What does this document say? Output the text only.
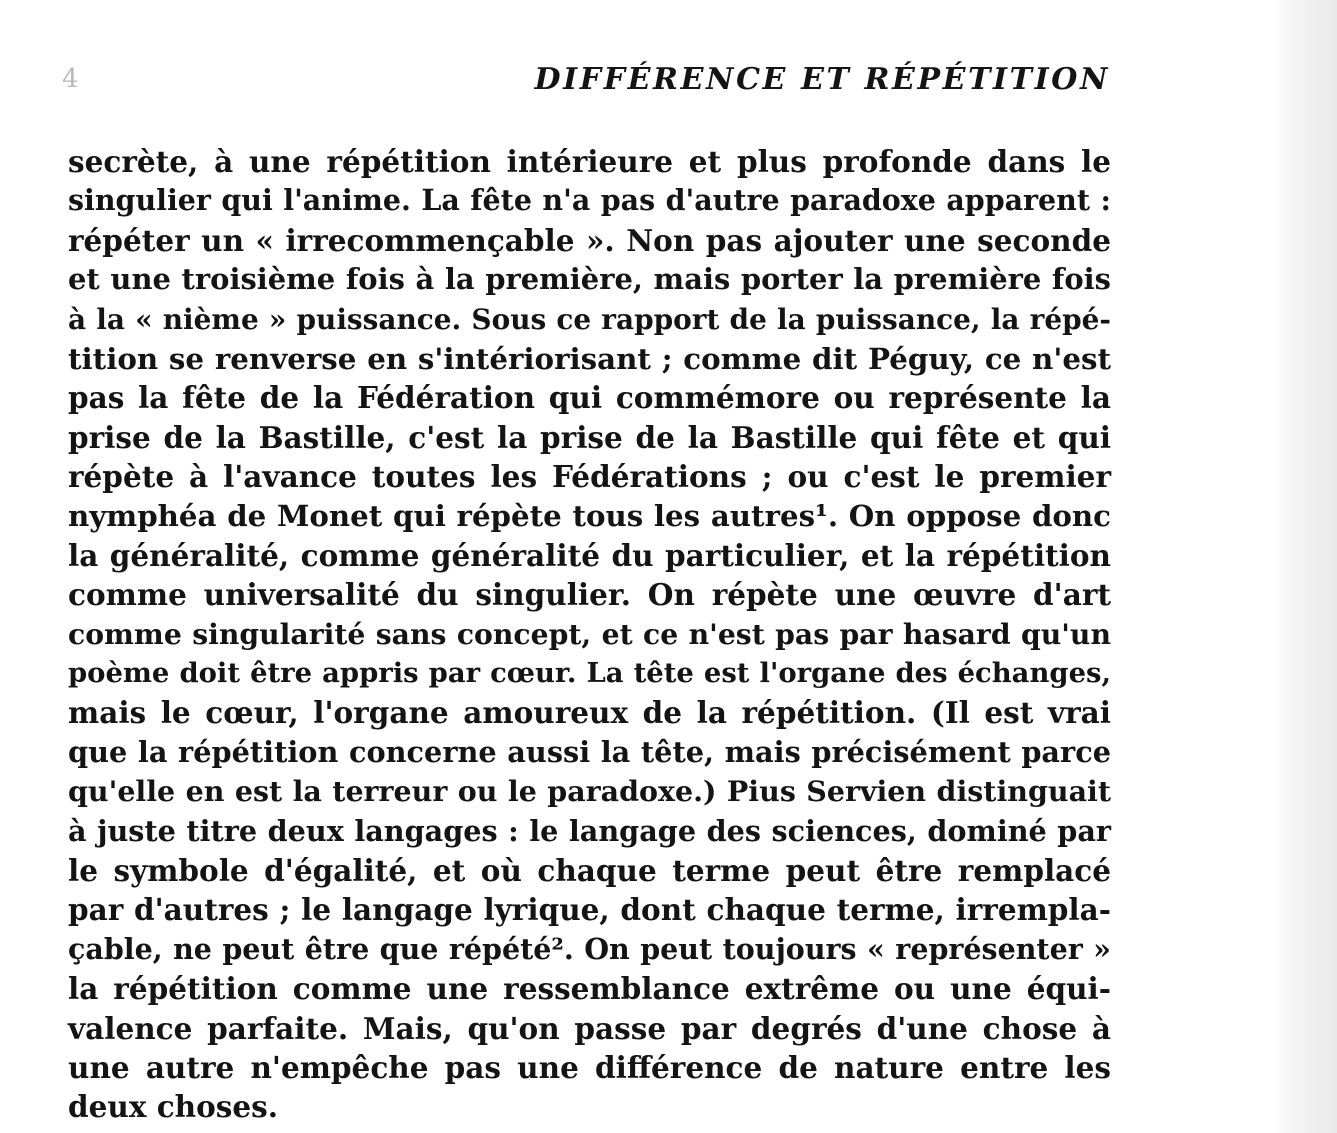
4	DIFFÉRENCE ET RÉPÉTITION
secrète, à une répétition intérieure et plus profonde dans le
singulier qui l'anime. La fête n'a pas d'autre paradoxe apparent :
répéter un « irrecommençable ». Non pas ajouter une seconde
et une troisième fois à la première, mais porter la première fois
à la « nième » puissance. Sous ce rapport de la puissance, la répé-
tition se renverse en s'intériorisant ; comme dit Péguy, ce n'est
pas la fête de la Fédération qui commémore ou représente la
prise de la Bastille, c'est la prise de la Bastille qui fête et qui
répète à l'avance toutes les Fédérations ; ou c'est le premier
nymphéa de Monet qui répète tous les autres¹. On oppose donc
la généralité, comme généralité du particulier, et la répétition
comme universalité du singulier. On répète une œuvre d'art
comme singularité sans concept, et ce n'est pas par hasard qu'un
poème doit être appris par cœur. La tête est l'organe des échanges,
mais le cœur, l'organe amoureux de la répétition. (Il est vrai
que la répétition concerne aussi la tête, mais précisément parce
qu'elle en est la terreur ou le paradoxe.) Pius Servien distinguait
à juste titre deux langages : le langage des sciences, dominé par
le symbole d'égalité, et où chaque terme peut être remplacé
par d'autres ; le langage lyrique, dont chaque terme, irrempla-
çable, ne peut être que répété². On peut toujours « représenter »
la répétition comme une ressemblance extrême ou une équi-
valence parfaite. Mais, qu'on passe par degrés d'une chose à
une autre n'empêche pas une différence de nature entre les
deux choses.
